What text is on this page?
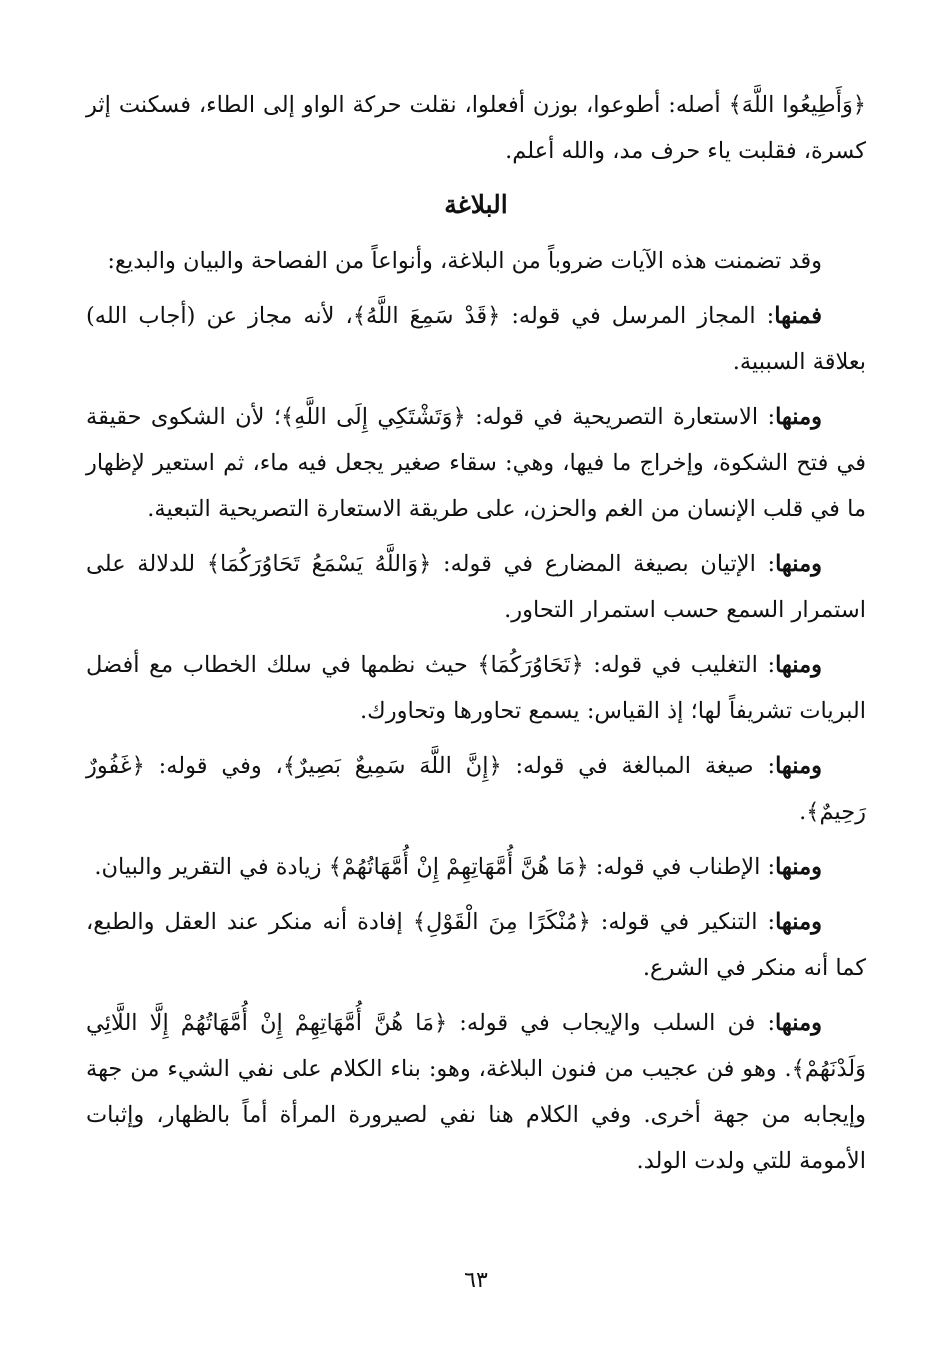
﴿وَأَطِيعُوا اللَّهَ﴾ أصله: أطوعوا، بوزن أفعلوا، نقلت حركة الواو إلى الطاء، فسكنت إثر كسرة، فقلبت ياء حرف مد، والله أعلم.

البلاغة

وقد تضمنت هذه الآيات ضروباً من البلاغة، وأنواعاً من الفصاحة والبيان والبديع:

فمنها: المجاز المرسل في قوله: ﴿قَدْ سَمِعَ اللَّهُ﴾، لأنه مجاز عن (أجاب الله) بعلاقة السببية.

ومنها: الاستعارة التصريحية في قوله: ﴿وَتَشْتَكِي إِلَى اللَّهِ﴾؛ لأن الشكوى حقيقة في فتح الشكوة، وإخراج ما فيها، وهي: سقاء صغير يجعل فيه ماء، ثم استعير لإظهار ما في قلب الإنسان من الغم والحزن، على طريقة الاستعارة التصريحية التبعية.

ومنها: الإتيان بصيغة المضارع في قوله: ﴿وَاللَّهُ يَسْمَعُ تَحَاوُرَكُمَا﴾ للدلالة على استمرار السمع حسب استمرار التحاور.

ومنها: التغليب في قوله: ﴿تَحَاوُرَكُمَا﴾ حيث نظمها في سلك الخطاب مع أفضل البريات تشريفاً لها؛ إذ القياس: يسمع تحاورها وتحاورك.

ومنها: صيغة المبالغة في قوله: ﴿إِنَّ اللَّهَ سَمِيعٌ بَصِيرٌ﴾، وفي قوله: ﴿غَفُورٌ رَحِيمٌ﴾.

ومنها: الإطناب في قوله: ﴿مَا هُنَّ أُمَّهَاتِهِمْ إِنْ أُمَّهَاتُهُمْ﴾ زيادة في التقرير والبيان.

ومنها: التنكير في قوله: ﴿مُنْكَرًا مِنَ الْقَوْلِ﴾ إفادة أنه منكر عند العقل والطبع، كما أنه منكر في الشرع.

ومنها: فن السلب والإيجاب في قوله: ﴿مَا هُنَّ أُمَّهَاتِهِمْ إِنْ أُمَّهَاتُهُمْ إِلَّا اللَّائِي وَلَدْنَهُمْ﴾. وهو فن عجيب من فنون البلاغة، وهو: بناء الكلام على نفي الشيء من جهة وإيجابه من جهة أخرى. وفي الكلام هنا نفي لصيرورة المرأة أماً بالظهار، وإثبات الأمومة للتي ولدت الولد.

٦٣
